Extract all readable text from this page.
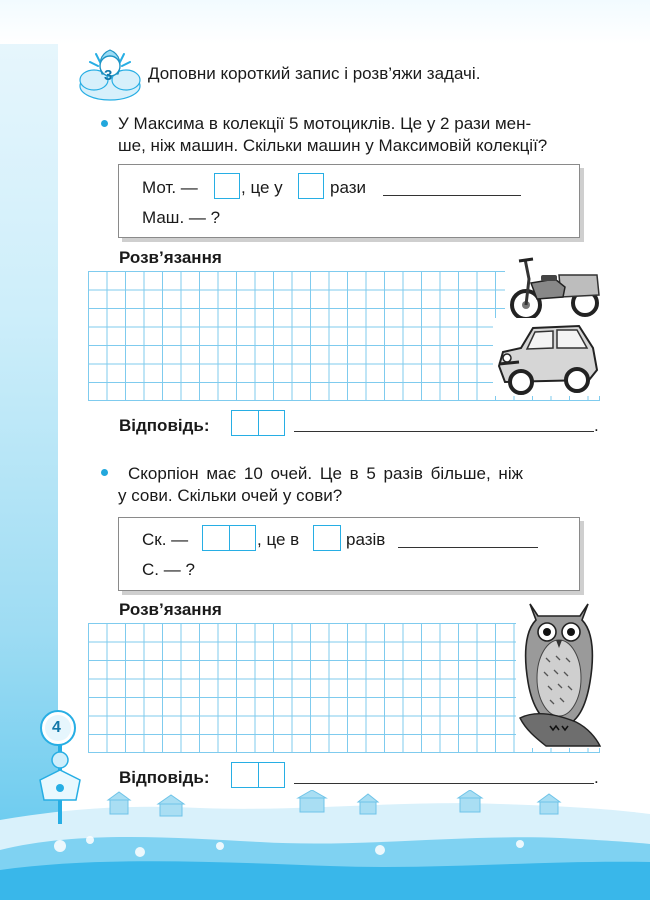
3 Доповни короткий запис і розв’яжи задачі.
У Максима в колекції 5 мотоциклів. Це у 2 рази мен-
ше, ніж машин. Скільки машин у Максимовій колекції?
Мот. —	, це у	рази
Маш. — ?
Розв’язання
Відповідь:	.
Скорпіон має 10 очей. Це в 5 разів більше, ніж
у сови. Скільки очей у сови?
Ск. —	, це в	разів
С. — ?
Розв’язання
Відповідь:	.
4
